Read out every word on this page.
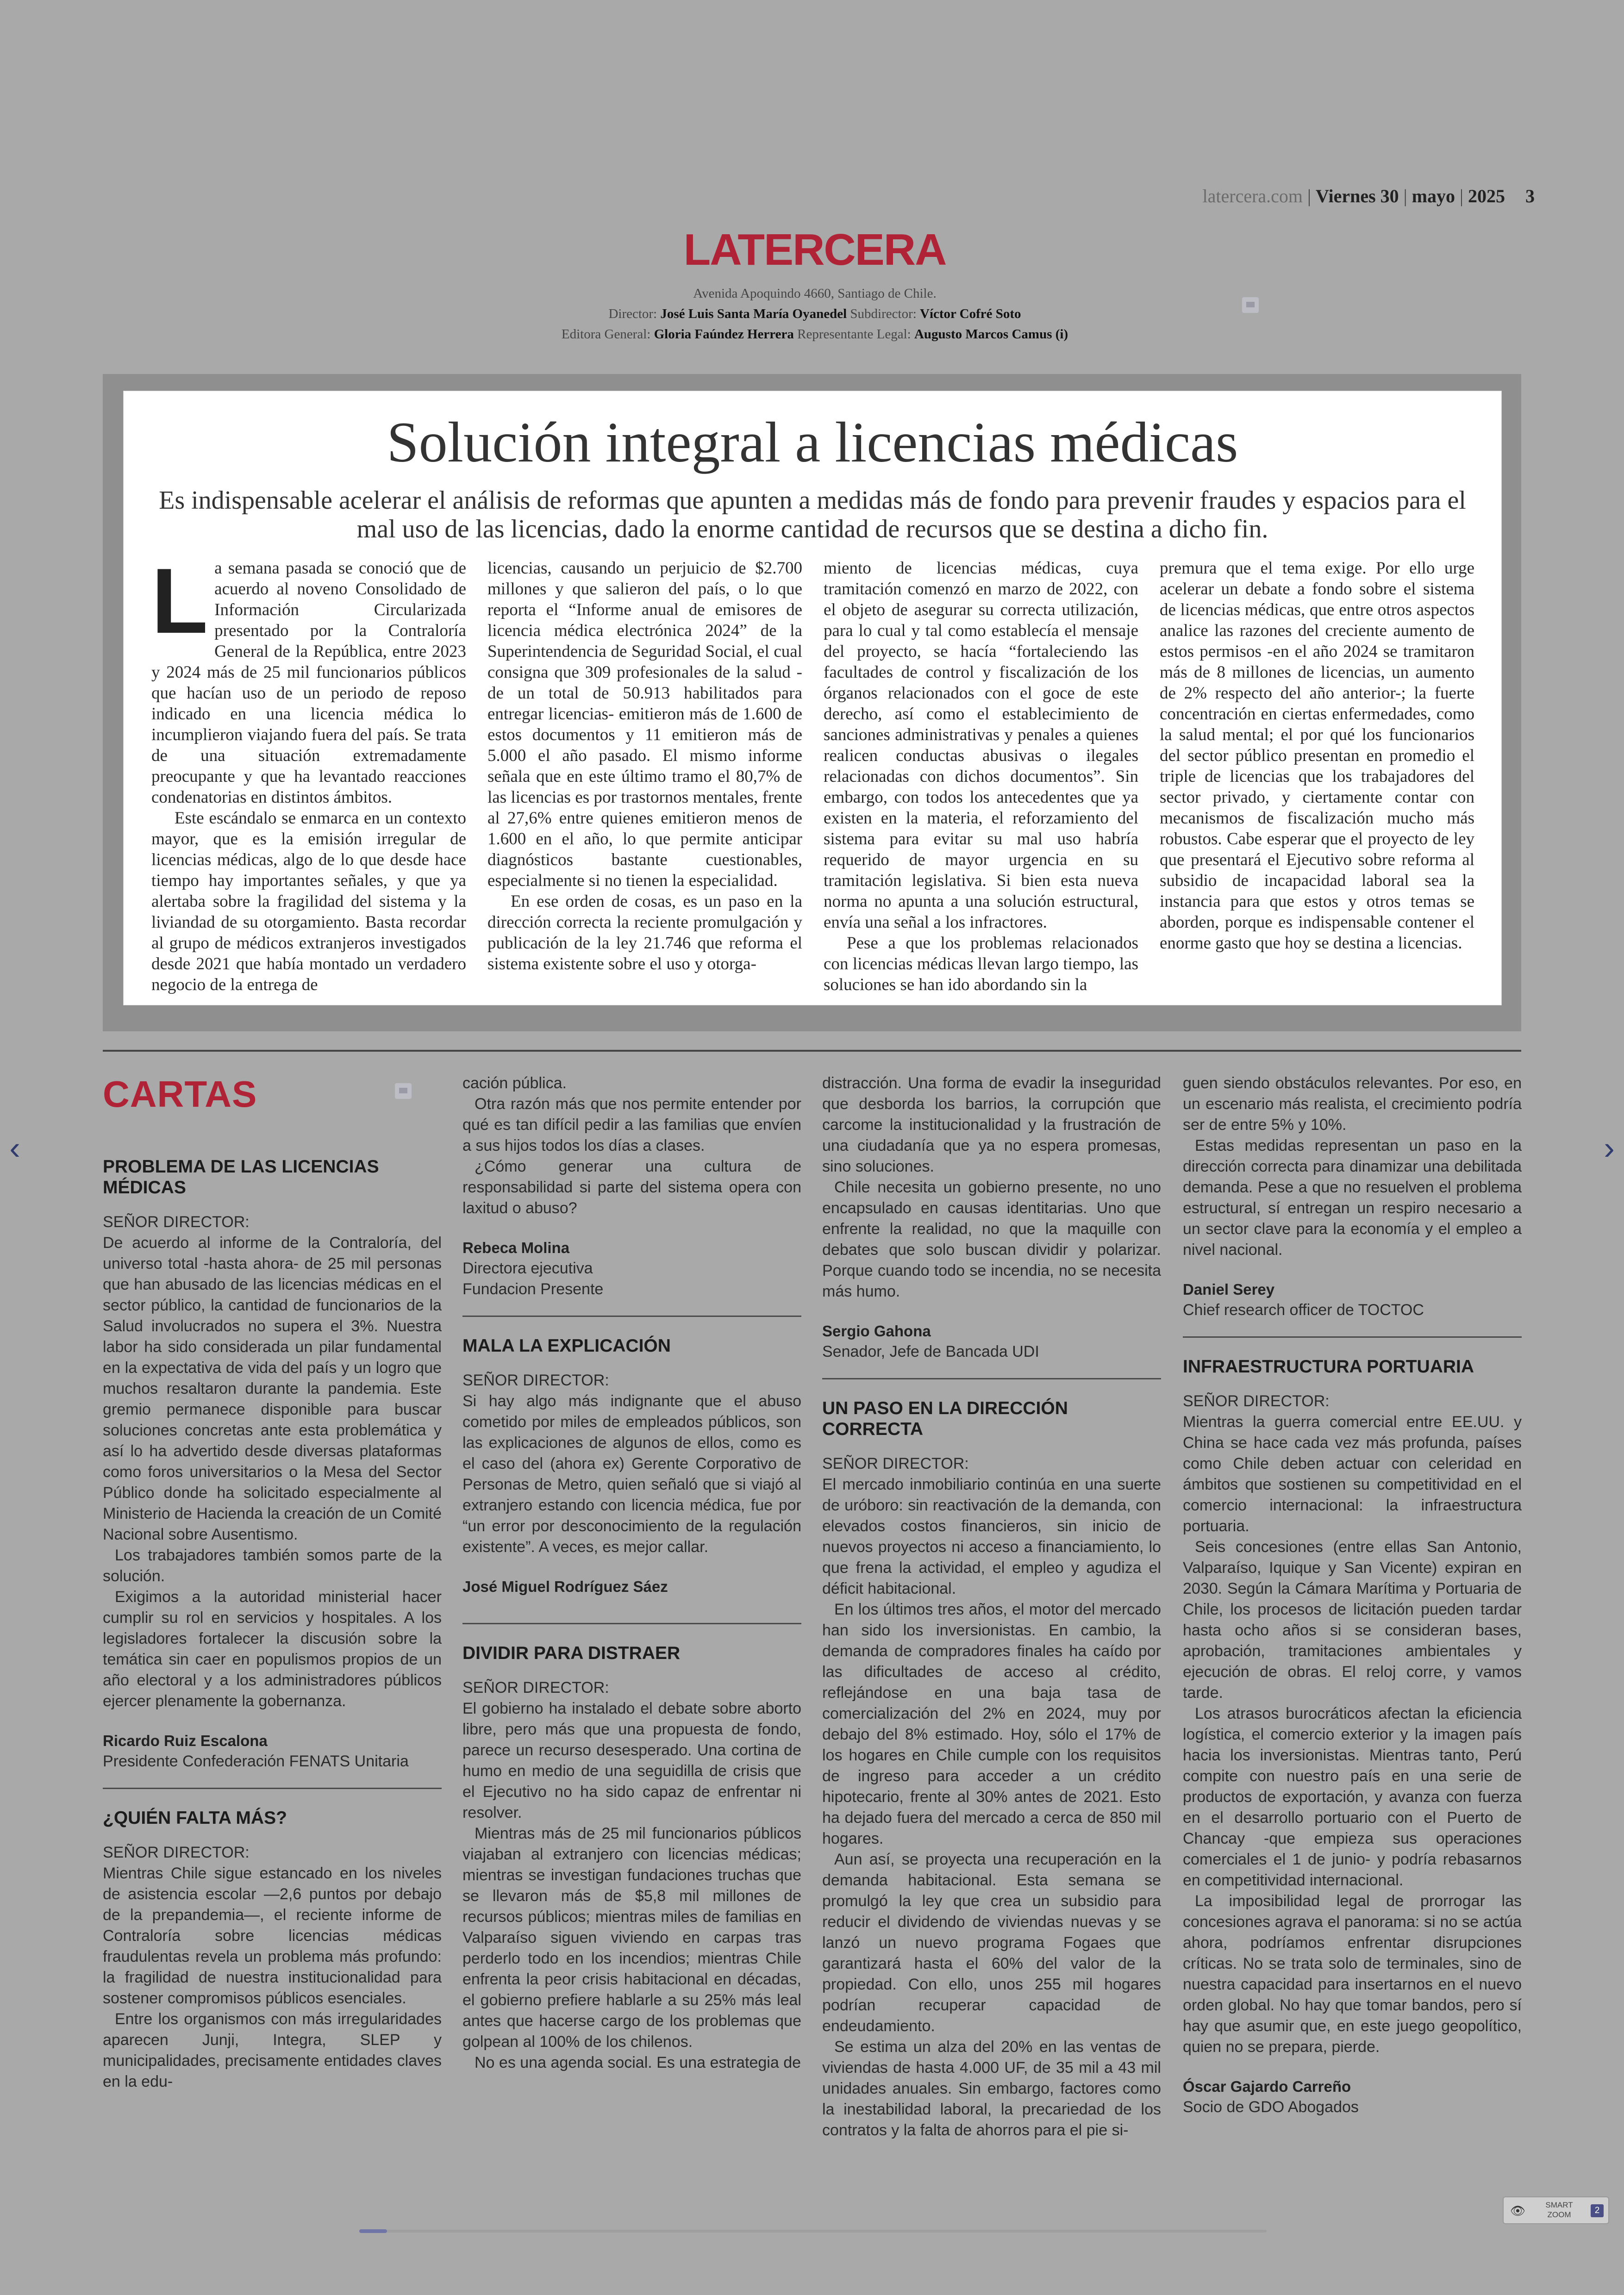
latercera.com | Viernes 30 | mayo | 2025 3
LATERCERA
Avenida Apoquindo 4660, Santiago de Chile.
Director: José Luis Santa María Oyanedel Subdirector: Víctor Cofré Soto
Editora General: Gloria Faúndez Herrera Representante Legal: Augusto Marcos Camus (i)
Solución integral a licencias médicas
Es indispensable acelerar el análisis de reformas que apunten a medidas más de fondo para prevenir fraudes y espacios para el mal uso de las licencias, dado la enorme cantidad de recursos que se destina a dicho fin.
L a semana pasada se conoció que de acuerdo al noveno Consolidado de Información Circularizada presentado por la Contraloría General de la República, entre 2023 y 2024 más de 25 mil funcionarios públicos que hacían uso de un periodo de reposo indicado en una licencia médica lo incumplieron viajando fuera del país. Se trata de una situación extremadamente preocupante y que ha levantado reacciones condenatorias en distintos ámbitos.

Este escándalo se enmarca en un contexto mayor, que es la emisión irregular de licencias médicas, algo de lo que desde hace tiempo hay importantes señales, y que ya alertaba sobre la fragilidad del sistema y la liviandad de su otorgamiento. Basta recordar al grupo de médicos extranjeros investigados desde 2021 que había montado un verdadero negocio de la entrega de

licencias, causando un perjuicio de $2.700 millones y que salieron del país, o lo que reporta el “Informe anual de emisores de licencia médica electrónica 2024” de la Superintendencia de Seguridad Social, el cual consigna que 309 profesionales de la salud -de un total de 50.913 habilitados para entregar licencias- emitieron más de 1.600 de estos documentos y 11 emitieron más de 5.000 el año pasado. El mismo informe señala que en este último tramo el 80,7% de las licencias es por trastornos mentales, frente al 27,6% entre quienes emitieron menos de 1.600 en el año, lo que permite anticipar diagnósticos bastante cuestionables, especialmente si no tienen la especialidad.

En ese orden de cosas, es un paso en la dirección correcta la reciente promulgación y publicación de la ley 21.746 que reforma el sistema existente sobre el uso y otorga-

miento de licencias médicas, cuya tramitación comenzó en marzo de 2022, con el objeto de asegurar su correcta utilización, para lo cual y tal como establecía el mensaje del proyecto, se hacía “fortaleciendo las facultades de control y fiscalización de los órganos relacionados con el goce de este derecho, así como el establecimiento de sanciones administrativas y penales a quienes realicen conductas abusivas o ilegales relacionadas con dichos documentos”. Sin embargo, con todos los antecedentes que ya existen en la materia, el reforzamiento del sistema para evitar su mal uso habría requerido de mayor urgencia en su tramitación legislativa. Si bien esta nueva norma no apunta a una solución estructural, envía una señal a los infractores.

Pese a que los problemas relacionados con licencias médicas llevan largo tiempo, las soluciones se han ido abordando sin la

premura que el tema exige. Por ello urge acelerar un debate a fondo sobre el sistema de licencias médicas, que entre otros aspectos analice las razones del creciente aumento de estos permisos -en el año 2024 se tramitaron más de 8 millones de licencias, un aumento de 2% respecto del año anterior-; la fuerte concentración en ciertas enfermedades, como la salud mental; el por qué los funcionarios del sector público presentan en promedio el triple de licencias que los trabajadores del sector privado, y ciertamente contar con mecanismos de fiscalización mucho más robustos. Cabe esperar que el proyecto de ley que presentará el Ejecutivo sobre reforma al subsidio de incapacidad laboral sea la instancia para que estos y otros temas se aborden, porque es indispensable contener el enorme gasto que hoy se destina a licencias.

CARTAS
PROBLEMA DE LAS LICENCIAS MÉDICAS

SEÑOR DIRECTOR:

De acuerdo al informe de la Contraloría, del universo total -hasta ahora- de 25 mil personas que han abusado de las licencias médicas en el sector público, la cantidad de funcionarios de la Salud involucrados no supera el 3%. Nuestra labor ha sido considerada un pilar fundamental en la expectativa de vida del país y un logro que muchos resaltaron durante la pandemia. Este gremio permanece disponible para buscar soluciones concretas ante esta problemática y así lo ha advertido desde diversas plataformas como foros universitarios o la Mesa del Sector Público donde ha solicitado especialmente al Ministerio de Hacienda la creación de un Comité Nacional sobre Ausentismo.

Los trabajadores también somos parte de la solución.

Exigimos a la autoridad ministerial hacer cumplir su rol en servicios y hospitales. A los legisladores fortalecer la discusión sobre la temática sin caer en populismos propios de un año electoral y a los administradores públicos ejercer plenamente la gobernanza.

Ricardo Ruiz Escalona
Presidente Confederación FENATS Unitaria
¿QUIÉN FALTA MÁS?

SEÑOR DIRECTOR:

Mientras Chile sigue estancado en los niveles de asistencia escolar —2,6 puntos por debajo de la prepandemia—, el reciente informe de Contraloría sobre licencias médicas fraudulentas revela un problema más profundo: la fragilidad de nuestra institucionalidad para sostener compromisos públicos esenciales.

Entre los organismos con más irregularidades aparecen Junji, Integra, SLEP y municipalidades, precisamente entidades claves en la edu-

cación pública.

Otra razón más que nos permite entender por qué es tan difícil pedir a las familias que envíen a sus hijos todos los días a clases.

¿Cómo generar una cultura de responsabilidad si parte del sistema opera con laxitud o abuso?

Rebeca Molina
Directora ejecutiva
Fundacion Presente
MALA LA EXPLICACIÓN

SEÑOR DIRECTOR:

Si hay algo más indignante que el abuso cometido por miles de empleados públicos, son las explicaciones de algunos de ellos, como es el caso del (ahora ex) Gerente Corporativo de Personas de Metro, quien señaló que si viajó al extranjero estando con licencia médica, fue por “un error por desconocimiento de la regulación existente”. A veces, es mejor callar.

José Miguel Rodríguez Sáez
DIVIDIR PARA DISTRAER

SEÑOR DIRECTOR:

El gobierno ha instalado el debate sobre aborto libre, pero más que una propuesta de fondo, parece un recurso desesperado. Una cortina de humo en medio de una seguidilla de crisis que el Ejecutivo no ha sido capaz de enfrentar ni resolver.

Mientras más de 25 mil funcionarios públicos viajaban al extranjero con licencias médicas; mientras se investigan fundaciones truchas que se llevaron más de $5,8 mil millones de recursos públicos; mientras miles de familias en Valparaíso siguen viviendo en carpas tras perderlo todo en los incendios; mientras Chile enfrenta la peor crisis habitacional en décadas, el gobierno prefiere hablarle a su 25% más leal antes que hacerse cargo de los problemas que golpean al 100% de los chilenos.

No es una agenda social. Es una estrategia de

distracción. Una forma de evadir la inseguridad que desborda los barrios, la corrupción que carcome la institucionalidad y la frustración de una ciudadanía que ya no espera promesas, sino soluciones.

Chile necesita un gobierno presente, no uno encapsulado en causas identitarias. Uno que enfrente la realidad, no que la maquille con debates que solo buscan dividir y polarizar. Porque cuando todo se incendia, no se necesita más humo.

Sergio Gahona
Senador, Jefe de Bancada UDI
UN PASO EN LA DIRECCIÓN CORRECTA

SEÑOR DIRECTOR:

El mercado inmobiliario continúa en una suerte de uróboro: sin reactivación de la demanda, con elevados costos financieros, sin inicio de nuevos proyectos ni acceso a financiamiento, lo que frena la actividad, el empleo y agudiza el déficit habitacional.

En los últimos tres años, el motor del mercado han sido los inversionistas. En cambio, la demanda de compradores finales ha caído por las dificultades de acceso al crédito, reflejándose en una baja tasa de comercialización del 2% en 2024, muy por debajo del 8% estimado. Hoy, sólo el 17% de los hogares en Chile cumple con los requisitos de ingreso para acceder a un crédito hipotecario, frente al 30% antes de 2021. Esto ha dejado fuera del mercado a cerca de 850 mil hogares.

Aun así, se proyecta una recuperación en la demanda habitacional. Esta semana se promulgó la ley que crea un subsidio para reducir el dividendo de viviendas nuevas y se lanzó un nuevo programa Fogaes que garantizará hasta el 60% del valor de la propiedad. Con ello, unos 255 mil hogares podrían recuperar capacidad de endeudamiento.

Se estima un alza del 20% en las ventas de viviendas de hasta 4.000 UF, de 35 mil a 43 mil unidades anuales. Sin embargo, factores como la inestabilidad laboral, la precariedad de los contratos y la falta de ahorros para el pie si-

guen siendo obstáculos relevantes. Por eso, en un escenario más realista, el crecimiento podría ser de entre 5% y 10%.

Estas medidas representan un paso en la dirección correcta para dinamizar una debilitada demanda. Pese a que no resuelven el problema estructural, sí entregan un respiro necesario a un sector clave para la economía y el empleo a nivel nacional.

Daniel Serey
Chief research officer de TOCTOC
INFRAESTRUCTURA PORTUARIA

SEÑOR DIRECTOR:

Mientras la guerra comercial entre EE.UU. y China se hace cada vez más profunda, países como Chile deben actuar con celeridad en ámbitos que sostienen su competitividad en el comercio internacional: la infraestructura portuaria.

Seis concesiones (entre ellas San Antonio, Valparaíso, Iquique y San Vicente) expiran en 2030. Según la Cámara Marítima y Portuaria de Chile, los procesos de licitación pueden tardar hasta ocho años si se consideran bases, aprobación, tramitaciones ambientales y ejecución de obras. El reloj corre, y vamos tarde.

Los atrasos burocráticos afectan la eficiencia logística, el comercio exterior y la imagen país hacia los inversionistas. Mientras tanto, Perú compite con nuestro país en una serie de productos de exportación, y avanza con fuerza en el desarrollo portuario con el Puerto de Chancay -que empieza sus operaciones comerciales el 1 de junio- y podría rebasarnos en competitividad internacional.

La imposibilidad legal de prorrogar las concesiones agrava el panorama: si no se actúa ahora, podríamos enfrentar disrupciones críticas. No se trata solo de terminales, sino de nuestra capacidad para insertarnos en el nuevo orden global. No hay que tomar bandos, pero sí hay que asumir que, en este juego geopolítico, quien no se prepara, pierde.

Óscar Gajardo Carreño
Socio de GDO Abogados
‹	›
👁	SMART
ZOOM	2
